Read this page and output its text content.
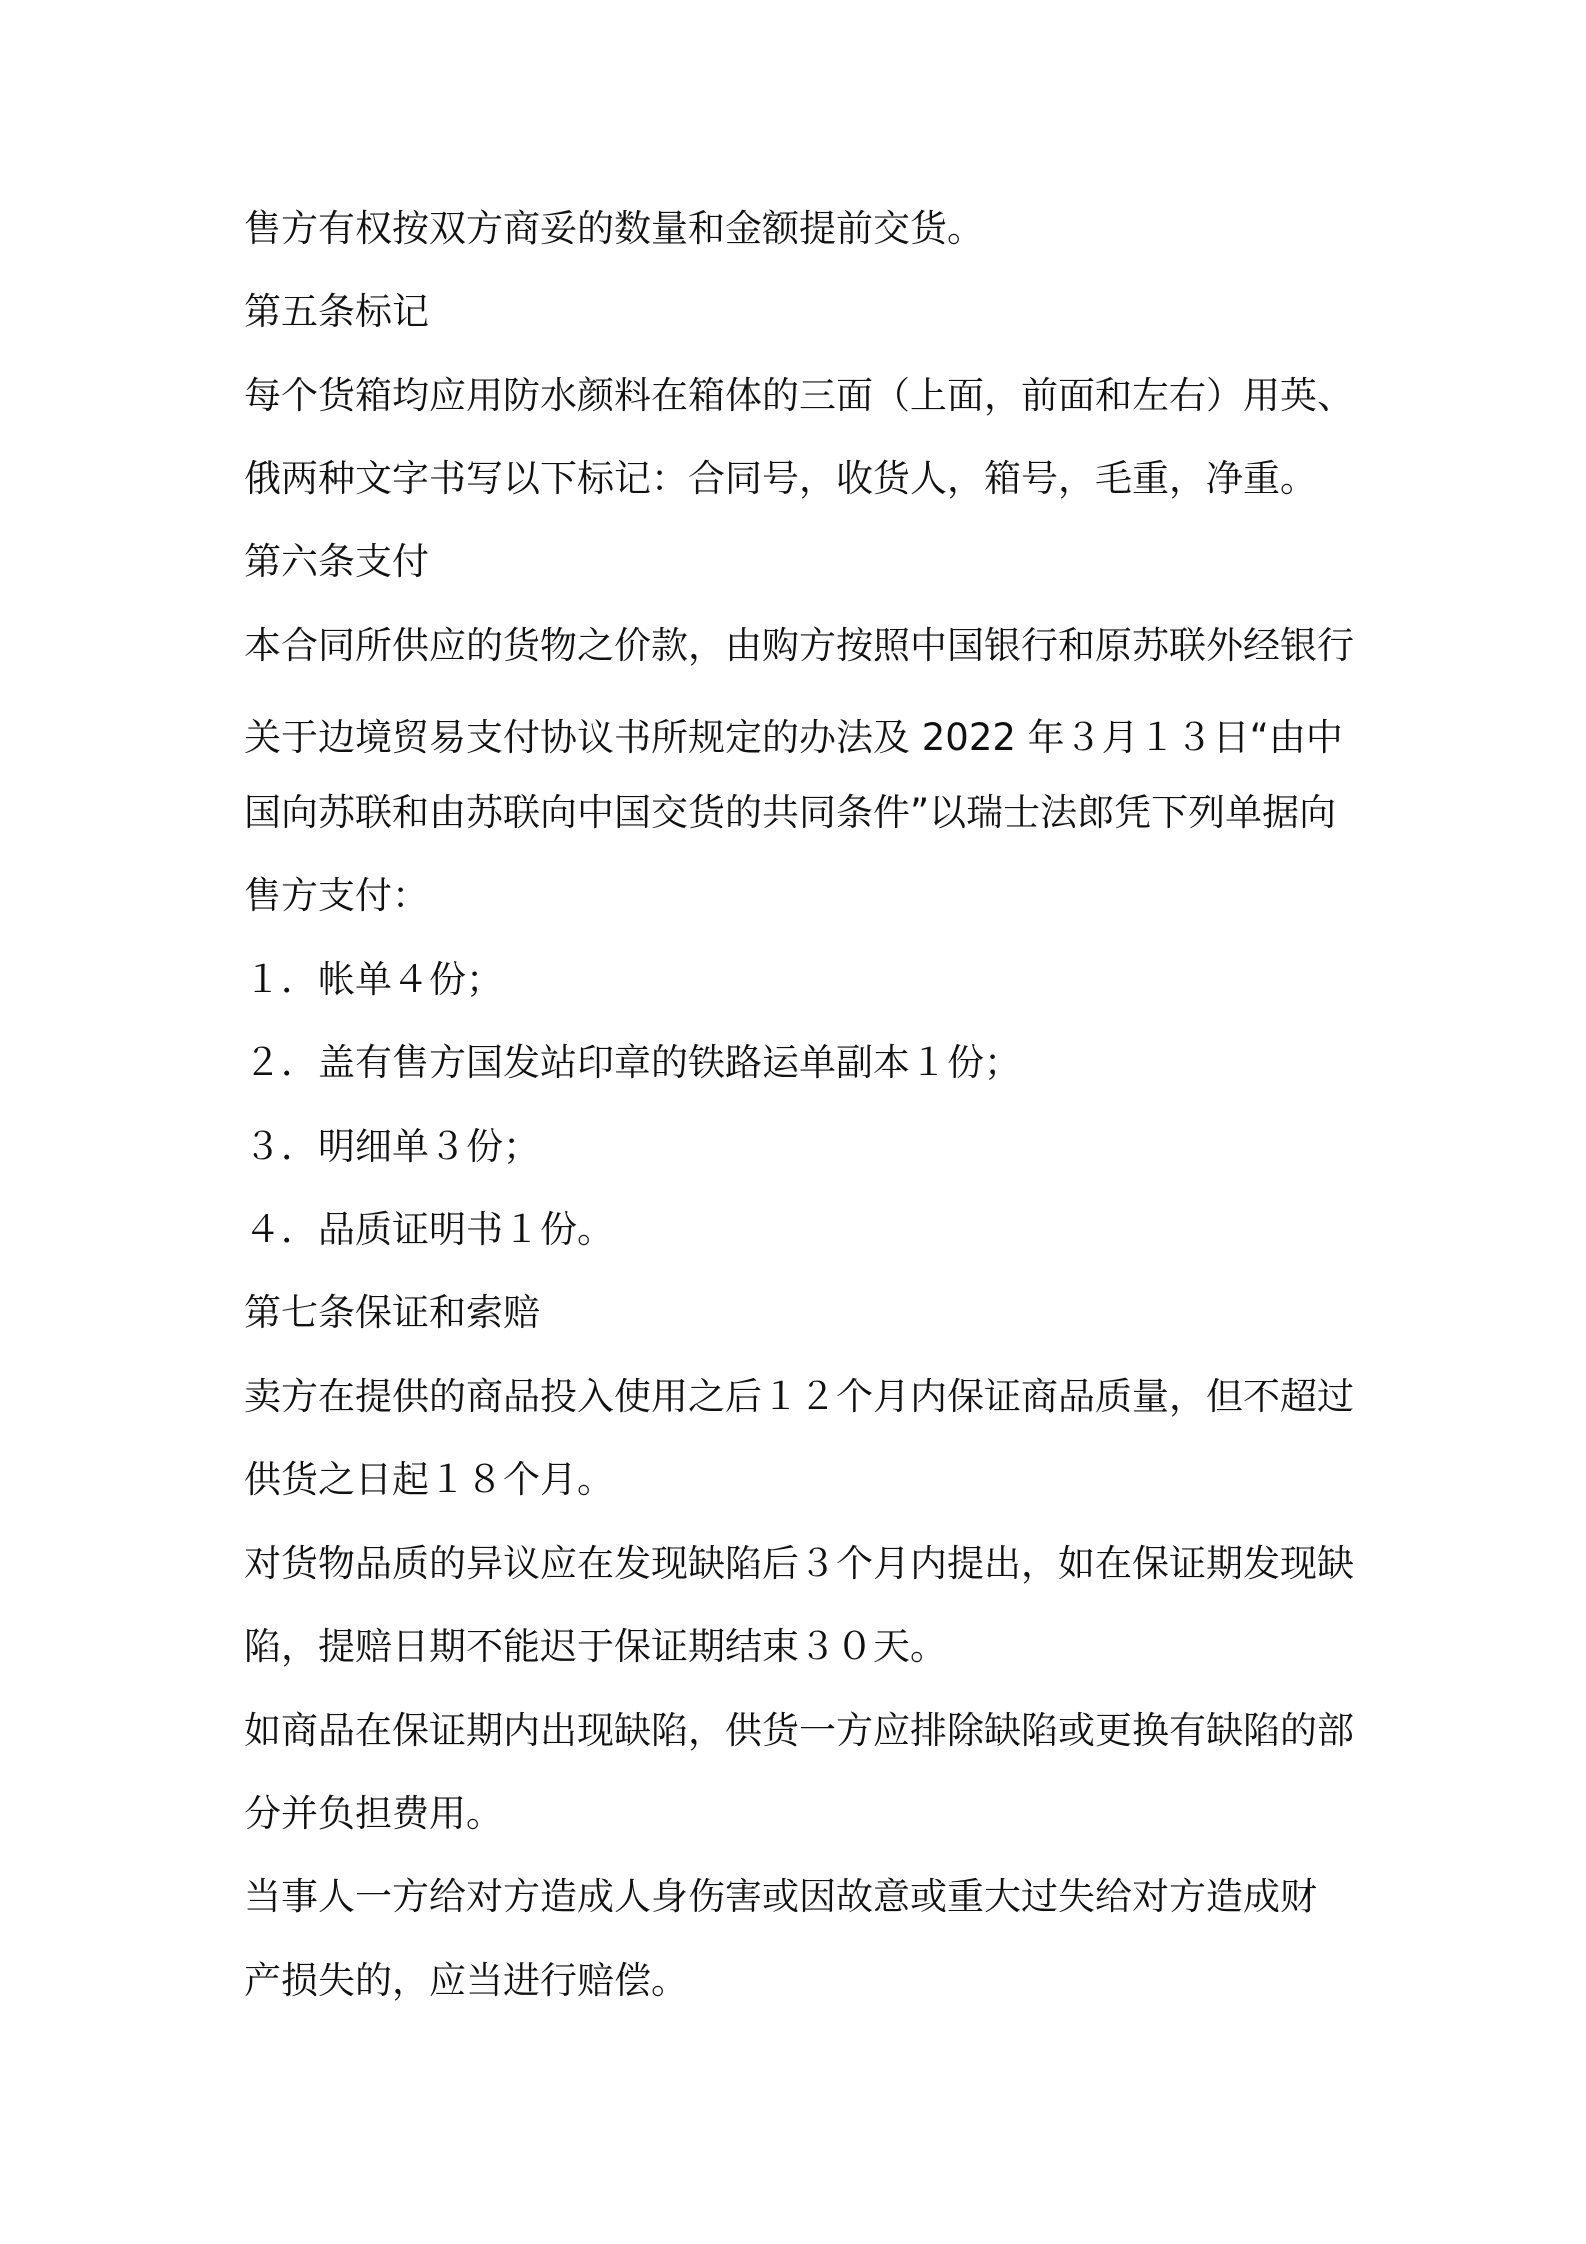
售方有权按双方商妥的数量和金额提前交货。
第五条标记
每个货箱均应用防水颜料在箱体的三面（上面，前面和左右）用英、
俄两种文字书写以下标记：合同号，收货人，箱号，毛重，净重。
第六条支付
本合同所供应的货物之价款，由购方按照中国银行和原苏联外经银行
关于边境贸易支付协议书所规定的办法及 2022 年３月１３日“由中
国向苏联和由苏联向中国交货的共同条件”以瑞士法郎凭下列单据向
售方支付：
１．帐单４份；
２．盖有售方国发站印章的铁路运单副本１份；
３．明细单３份；
４．品质证明书１份。
第七条保证和索赔
卖方在提供的商品投入使用之后１２个月内保证商品质量，但不超过
供货之日起１８个月。
对货物品质的异议应在发现缺陷后３个月内提出，如在保证期发现缺
陷，提赔日期不能迟于保证期结束３０天。
如商品在保证期内出现缺陷，供货一方应排除缺陷或更换有缺陷的部
分并负担费用。
当事人一方给对方造成人身伤害或因故意或重大过失给对方造成财
产损失的，应当进行赔偿。
